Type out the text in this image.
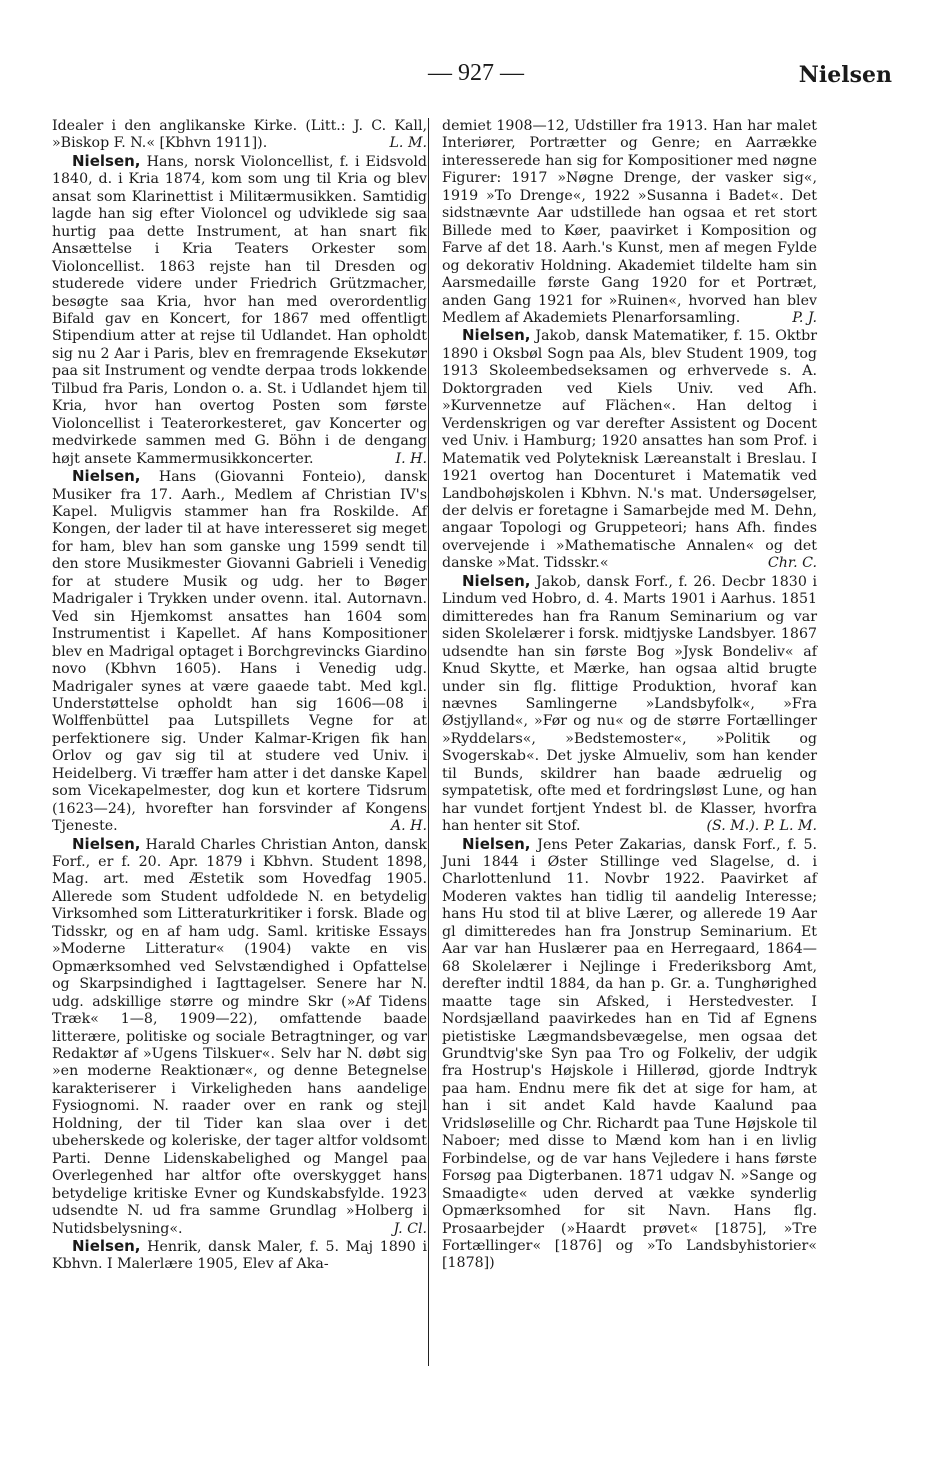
— 927 —	Nielsen

Idealer i den anglikanske Kirke. (Litt.: J. C. Kall, »Biskop F. N.« [Kbhvn 1911]).	L. M.

Nielsen, Hans, norsk Violoncellist, f. i Eidsvold 1840, d. i Kria 1874, kom som ung til Kria og blev ansat som Klarinettist i Militærmusikken. Samtidig lagde han sig efter Violoncel og udviklede sig saa hurtig paa dette Instrument, at han snart fik Ansættelse i Kria Teaters Orkester som Violoncellist. 1863 rejste han til Dresden og studerede videre under Friedrich Grützmacher, besøgte saa Kria, hvor han med overordentlig Bifald gav en Koncert, for 1867 med offentligt Stipendium atter at rejse til Udlandet. Han opholdt sig nu 2 Aar i Paris, blev en fremragende Eksekutør paa sit Instrument og vendte derpaa trods lokkende Tilbud fra Paris, London o. a. St. i Udlandet hjem til Kria, hvor han overtog Posten som første Violoncellist i Teaterorkesteret, gav Koncerter og medvirkede sammen med G. Böhn i de dengang højt ansete Kammermusikkoncerter.	I. H.

Nielsen, Hans (Giovanni Fonteio), dansk Musiker fra 17. Aarh., Medlem af Christian IV's Kapel. Muligvis stammer han fra Roskilde. Af Kongen, der lader til at have interesseret sig meget for ham, blev han som ganske ung 1599 sendt til den store Musikmester Giovanni Gabrieli i Venedig for at studere Musik og udg. her to Bøger Madrigaler i Trykken under ovenn. ital. Autornavn. Ved sin Hjemkomst ansattes han 1604 som Instrumentist i Kapellet. Af hans Kompositioner blev en Madrigal optaget i Borchgrevincks Giardino novo (Kbhvn 1605). Hans i Venedig udg. Madrigaler synes at være gaaede tabt. Med kgl. Understøttelse opholdt han sig 1606—08 i Wolffenbüttel paa Lutspillets Vegne for at perfektionere sig. Under Kalmar-Krigen fik han Orlov og gav sig til at studere ved Univ. i Heidelberg. Vi træffer ham atter i det danske Kapel som Vicekapelmester, dog kun et kortere Tidsrum (1623—24), hvorefter han forsvinder af Kongens Tjeneste.	A. H.

Nielsen, Harald Charles Christian Anton, dansk Forf., er f. 20. Apr. 1879 i Kbhvn. Student 1898, Mag. art. med Æstetik som Hovedfag 1905. Allerede som Student udfoldede N. en betydelig Virksomhed som Litteraturkritiker i forsk. Blade og Tidsskr, og en af ham udg. Saml. kritiske Essays »Moderne Litteratur« (1904) vakte en vis Opmærksomhed ved Selvstændighed i Opfattelse og Skarpsindighed i Iagttagelser. Senere har N. udg. adskillige større og mindre Skr (»Af Tidens Træk« 1—8, 1909—22), omfattende baade litterære, politiske og sociale Betragtninger, og var Redaktør af »Ugens Tilskuer«. Selv har N. døbt sig »en moderne Reaktionær«, og denne Betegnelse karakteriserer i Virkeligheden hans aandelige Fysiognomi. N. raader over en rank og stejl Holdning, der til Tider kan slaa over i det ubeherskede og koleriske, der tager altfor voldsomt Parti. Denne Lidenskabelighed og Mangel paa Overlegenhed har altfor ofte overskygget hans betydelige kritiske Evner og Kundskabsfylde. 1923 udsendte N. ud fra samme Grundlag »Holberg i Nutidsbelysning«.	J. Cl.

Nielsen, Henrik, dansk Maler, f. 5. Maj 1890 i Kbhvn. I Malerlære 1905, Elev af Aka-

demiet 1908—12, Udstiller fra 1913. Han har malet Interiører, Portrætter og Genre; en Aarrække interesserede han sig for Kompositioner med nøgne Figurer: 1917 »Nøgne Drenge, der vasker sig«, 1919 »To Drenge«, 1922 »Susanna i Badet«. Det sidstnævnte Aar udstillede han ogsaa et ret stort Billede med to Køer, paavirket i Komposition og Farve af det 18. Aarh.'s Kunst, men af megen Fylde og dekorativ Holdning. Akademiet tildelte ham sin Aarsmedaille første Gang 1920 for et Portræt, anden Gang 1921 for »Ruinen«, hvorved han blev Medlem af Akademiets Plenarforsamling.	P. J.

Nielsen, Jakob, dansk Matematiker, f. 15. Oktbr 1890 i Oksbøl Sogn paa Als, blev Student 1909, tog 1913 Skoleembedseksamen og erhvervede s. A. Doktorgraden ved Kiels Univ. ved Afh. »Kurvennetze auf Flächen«. Han deltog i Verdenskrigen og var derefter Assistent og Docent ved Univ. i Hamburg; 1920 ansattes han som Prof. i Matematik ved Polyteknisk Læreanstalt i Breslau. I 1921 overtog han Docenturet i Matematik ved Landbohøjskolen i Kbhvn. N.'s mat. Undersøgelser, der delvis er foretagne i Samarbejde med M. Dehn, angaar Topologi og Gruppeteori; hans Afh. findes overvejende i »Mathematische Annalen« og det danske »Mat. Tidsskr.«	Chr. C.

Nielsen, Jakob, dansk Forf., f. 26. Decbr 1830 i Lindum ved Hobro, d. 4. Marts 1901 i Aarhus. 1851 dimitteredes han fra Ranum Seminarium og var siden Skolelærer i forsk. midtjyske Landsbyer. 1867 udsendte han sin første Bog »Jysk Bondeliv« af Knud Skytte, et Mærke, han ogsaa altid brugte under sin flg. flittige Produktion, hvoraf kan nævnes Samlingerne »Landsbyfolk«, »Fra Østjylland«, »Før og nu« og de større Fortællinger »Ryddelars«, »Bedstemoster«, »Politik og Svogerskab«. Det jyske Almueliv, som han kender til Bunds, skildrer han baade ædruelig og sympatetisk, ofte med et fordringsløst Lune, og han har vundet fortjent Yndest bl. de Klasser, hvorfra han henter sit Stof.	(S. M.). P. L. M.

Nielsen, Jens Peter Zakarias, dansk Forf., f. 5. Juni 1844 i Øster Stillinge ved Slagelse, d. i Charlottenlund 11. Novbr 1922. Paavirket af Moderen vaktes han tidlig til aandelig Interesse; hans Hu stod til at blive Lærer, og allerede 19 Aar gl dimitteredes han fra Jonstrup Seminarium. Et Aar var han Huslærer paa en Herregaard, 1864—68 Skolelærer i Nejlinge i Frederiksborg Amt, derefter indtil 1884, da han p. Gr. a. Tunghørighed maatte tage sin Afsked, i Herstedvester. I Nordsjælland paavirkedes han en Tid af Egnens pietistiske Lægmandsbevægelse, men ogsaa det Grundtvig'ske Syn paa Tro og Folkeliv, der udgik fra Hostrup's Højskole i Hillerød, gjorde Indtryk paa ham. Endnu mere fik det at sige for ham, at han i sit andet Kald havde Kaalund paa Vridsløselille og Chr. Richardt paa Tune Højskole til Naboer; med disse to Mænd kom han i en livlig Forbindelse, og de var hans Vejledere i hans første Forsøg paa Digterbanen. 1871 udgav N. »Sange og Smaadigte« uden derved at vække synderlig Opmærksomhed for sit Navn. Hans flg. Prosaarbejder (»Haardt prøvet« [1875], »Tre Fortællinger« [1876] og »To Landsbyhistorier« [1878])
